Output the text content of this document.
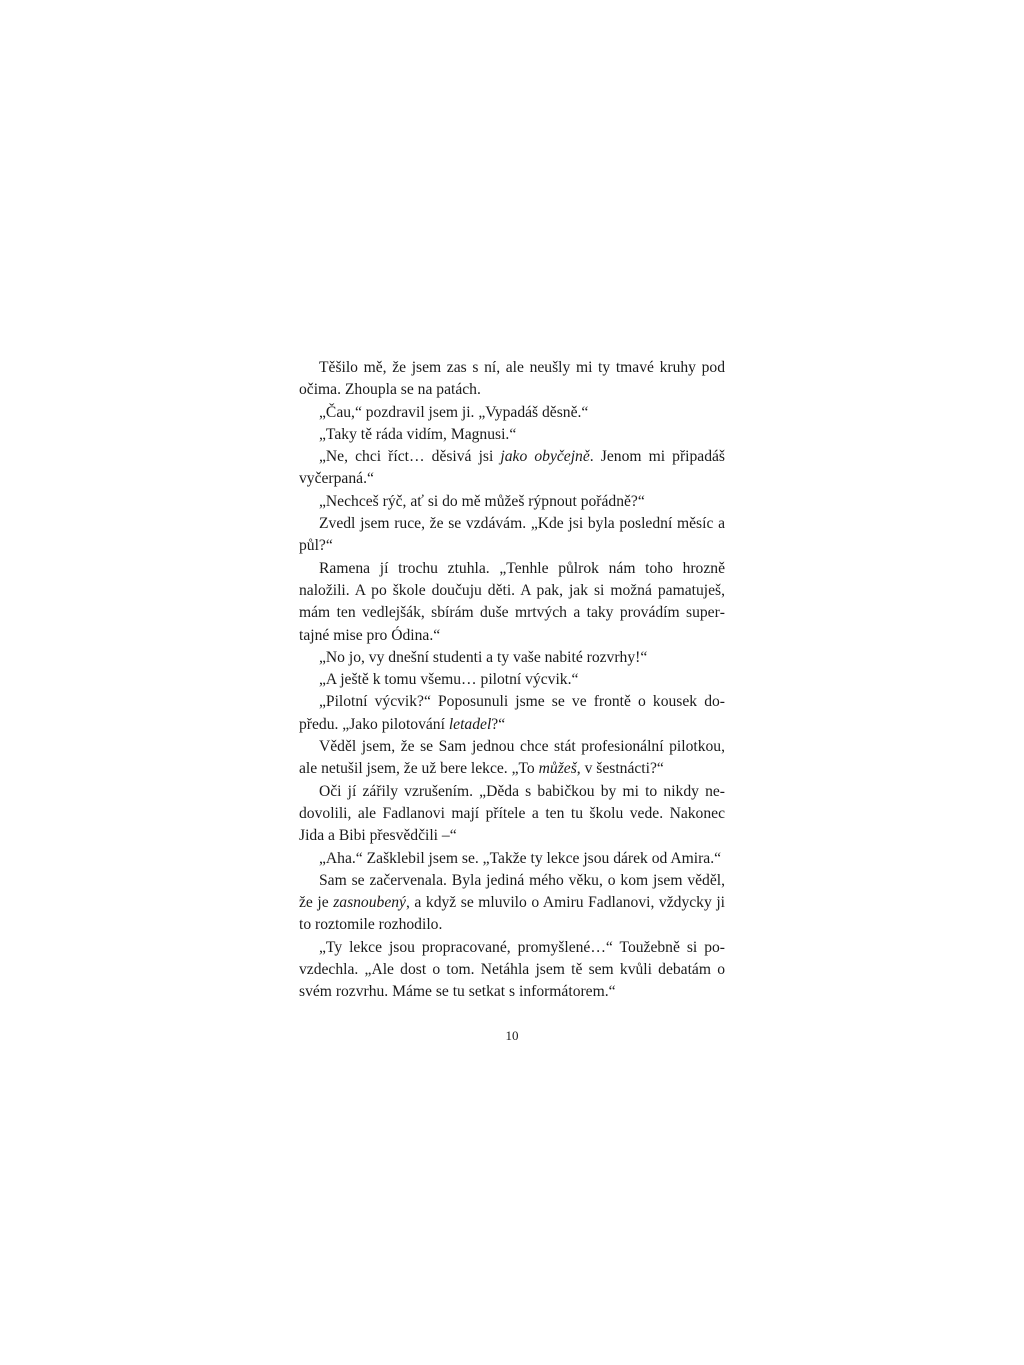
Těšilo mě, že jsem zas s ní, ale neušly mi ty tmavé kruhy pod očima. Zhoupla se na patách.

„Čau,“ pozdravil jsem ji. „Vypadáš děsně.“

„Taky tě ráda vidím, Magnusi.“

„Ne, chci říct… děsivá jsi jako obyčejně. Jenom mi připadáš vyčerpaná.“

„Nechceš rýč, ať si do mě můžeš rýpnout pořádně?“

Zvedl jsem ruce, že se vzdávám. „Kde jsi byla poslední měsíc a půl?“

Ramena jí trochu ztuhla. „Tenhle půlrok nám toho hrozně naložili. A po škole doučuju děti. A pak, jak si možná pamatuješ, mám ten vedlejšák, sbírám duše mrtvých a taky provádím supertajné mise pro Ódina.“

„No jo, vy dnešní studenti a ty vaše nabité rozvrhy!“

„A ještě k tomu všemu… pilotní výcvik.“

„Pilotní výcvik?“ Poposunuli jsme se ve frontě o kousek dopředu. „Jako pilotování letadel?“

Věděl jsem, že se Sam jednou chce stát profesionální pilotkou, ale netušil jsem, že už bere lekce. „To můžeš, v šestnácti?“

Oči jí zářily vzrušením. „Děda s babičkou by mi to nikdy nedovolili, ale Fadlanovi mají přítele a ten tu školu vede. Nakonec Jida a Bibi přesvědčili –“

„Aha.“ Zašklebil jsem se. „Takže ty lekce jsou dárek od Amira.“

Sam se začervenala. Byla jediná mého věku, o kom jsem věděl, že je zasnoubený, a když se mluvilo o Amiru Fadlanovi, vždycky ji to roztomile rozhodilo.

„Ty lekce jsou propracované, promyšlené…“ Toužebně si povzdechla. „Ale dost o tom. Netáhla jsem tě sem kvůli debatám o svém rozvrhu. Máme se tu setkat s informátorem.“

10
